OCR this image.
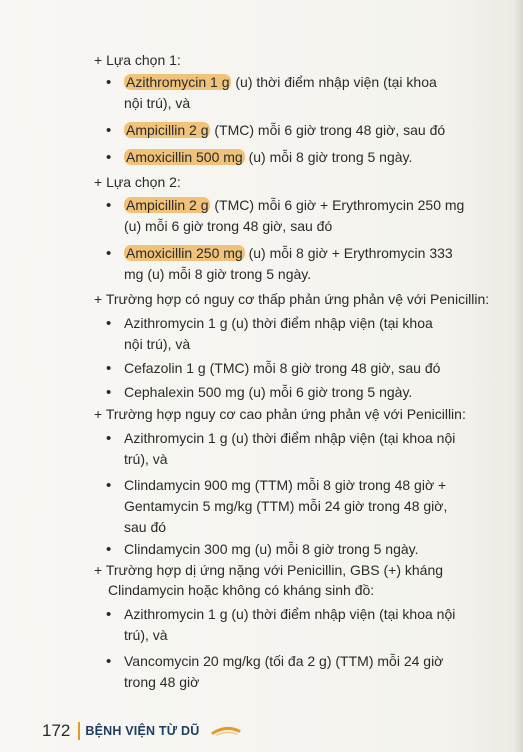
+ Lựa chọn 1:
• Azithromycin 1 g (u) thời điểm nhập viện (tại khoa
nội trú), và
• Ampicillin 2 g (TMC) mỗi 6 giờ trong 48 giờ, sau đó
• Amoxicillin 500 mg (u) mỗi 8 giờ trong 5 ngày.
+ Lựa chọn 2:
• Ampicillin 2 g (TMC) mỗi 6 giờ + Erythromycin 250 mg
(u) mỗi 6 giờ trong 48 giờ, sau đó
• Amoxicillin 250 mg (u) mỗi 8 giờ + Erythromycin 333
mg (u) mỗi 8 giờ trong 5 ngày.
+ Trường hợp có nguy cơ thấp phản ứng phản vệ với Penicillin:
• Azithromycin 1 g (u) thời điểm nhập viện (tại khoa
nội trú), và
• Cefazolin 1 g (TMC) mỗi 8 giờ trong 48 giờ, sau đó
• Cephalexin 500 mg (u) mỗi 6 giờ trong 5 ngày.
+ Trường hợp nguy cơ cao phản ứng phản vệ với Penicillin:
• Azithromycin 1 g (u) thời điểm nhập viện (tại khoa nội
trú), và
• Clindamycin 900 mg (TTM) mỗi 8 giờ trong 48 giờ +
Gentamycin 5 mg/kg (TTM) mỗi 24 giờ trong 48 giờ,
sau đó
• Clindamycin 300 mg (u) mỗi 8 giờ trong 5 ngày.
+ Trường hợp dị ứng nặng với Penicillin, GBS (+) kháng
Clindamycin hoặc không có kháng sinh đồ:
• Azithromycin 1 g (u) thời điểm nhập viện (tại khoa nội
trú), và
• Vancomycin 20 mg/kg (tối đa 2 g) (TTM) mỗi 24 giờ
trong 48 giờ
172 BỆNH VIỆN TỪ DŨ
